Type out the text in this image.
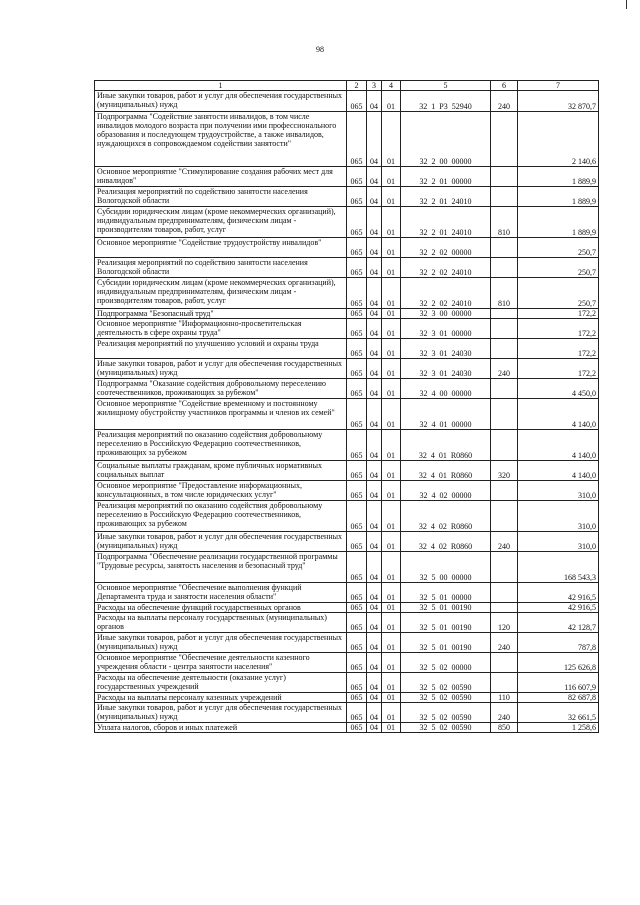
98
1	2	3	4	5	6	7
Иные закупки товаров, работ и услуг для обеспечения государственных (муниципальных) нужд	065	04	01	32 1 Р3 52940	240	32 870,7
Подпрограмма "Содействие занятости инвалидов, в том числе инвалидов молодого возраста при получении ими профессионального образования и последующем трудоустройстве, а также инвалидов, нуждающихся в сопровождаемом содействии занятости"	065	04	01	32 2 00 00000		2 140,6
Основное мероприятие "Стимулирование создания рабочих мест для инвалидов"	065	04	01	32 2 01 00000		1 889,9
Реализация мероприятий по содействию занятости населения Вологодской области	065	04	01	32 2 01 24010		1 889,9
Субсидии юридическим лицам (кроме некоммерческих организаций), индивидуальным предпринимателям, физическим лицам - производителям товаров, работ, услуг	065	04	01	32 2 01 24010	810	1 889,9
Основное мероприятие "Содействие трудоустройству инвалидов"	065	04	01	32 2 02 00000		250,7
Реализация мероприятий по содействию занятости населения Вологодской области	065	04	01	32 2 02 24010		250,7
Субсидии юридическим лицам (кроме некоммерческих организаций), индивидуальным предпринимателям, физическим лицам - производителям товаров, работ, услуг	065	04	01	32 2 02 24010	810	250,7
Подпрограмма "Безопасный труд"	065	04	01	32 3 00 00000		172,2
Основное мероприятие "Информационно-просветительская деятельность в сфере охраны труда"	065	04	01	32 3 01 00000		172,2
Реализация мероприятий по улучшению условий и охраны труда	065	04	01	32 3 01 24030		172,2
Иные закупки товаров, работ и услуг для обеспечения государственных (муниципальных) нужд	065	04	01	32 3 01 24030	240	172,2
Подпрограмма "Оказание содействия добровольному переселению соотечественников, проживающих за рубежом"	065	04	01	32 4 00 00000		4 450,0
Основное мероприятие "Содействие временному и постоянному жилищному обустройству участников программы и членов их семей"	065	04	01	32 4 01 00000		4 140,0
Реализация мероприятий по оказанию содействия добровольному переселению в Российскую Федерацию соотечественников, проживающих за рубежом	065	04	01	32 4 01 R0860		4 140,0
Социальные выплаты гражданам, кроме публичных нормативных социальных выплат	065	04	01	32 4 01 R0860	320	4 140,0
Основное мероприятие "Предоставление информационных, консультационных, в том числе юридических услуг"	065	04	01	32 4 02 00000		310,0
Реализация мероприятий по оказанию содействия добровольному переселению в Российскую Федерацию соотечественников, проживающих за рубежом	065	04	01	32 4 02 R0860		310,0
Иные закупки товаров, работ и услуг для обеспечения государственных (муниципальных) нужд	065	04	01	32 4 02 R0860	240	310,0
Подпрограмма "Обеспечение реализации государственной программы "Трудовые ресурсы, занятость населения и безопасный труд"	065	04	01	32 5 00 00000		168 543,3
Основное мероприятие "Обеспечение выполнения функций Департамента труда и занятости населения области"	065	04	01	32 5 01 00000		42 916,5
Расходы на обеспечение функций государственных органов	065	04	01	32 5 01 00190		42 916,5
Расходы на выплаты персоналу государственных (муниципальных) органов	065	04	01	32 5 01 00190	120	42 128,7
Иные закупки товаров, работ и услуг для обеспечения государственных (муниципальных) нужд	065	04	01	32 5 01 00190	240	787,8
Основное мероприятие "Обеспечение деятельности казенного учреждения области - центра занятости населения"	065	04	01	32 5 02 00000		125 626,8
Расходы на обеспечение деятельности (оказание услуг) государственных учреждений	065	04	01	32 5 02 00590		116 607,9
Расходы на выплаты персоналу казенных учреждений	065	04	01	32 5 02 00590	110	82 687,8
Иные закупки товаров, работ и услуг для обеспечения государственных (муниципальных) нужд	065	04	01	32 5 02 00590	240	32 661,5
Уплата налогов, сборов и иных платежей	065	04	01	32 5 02 00590	850	1 258,6
